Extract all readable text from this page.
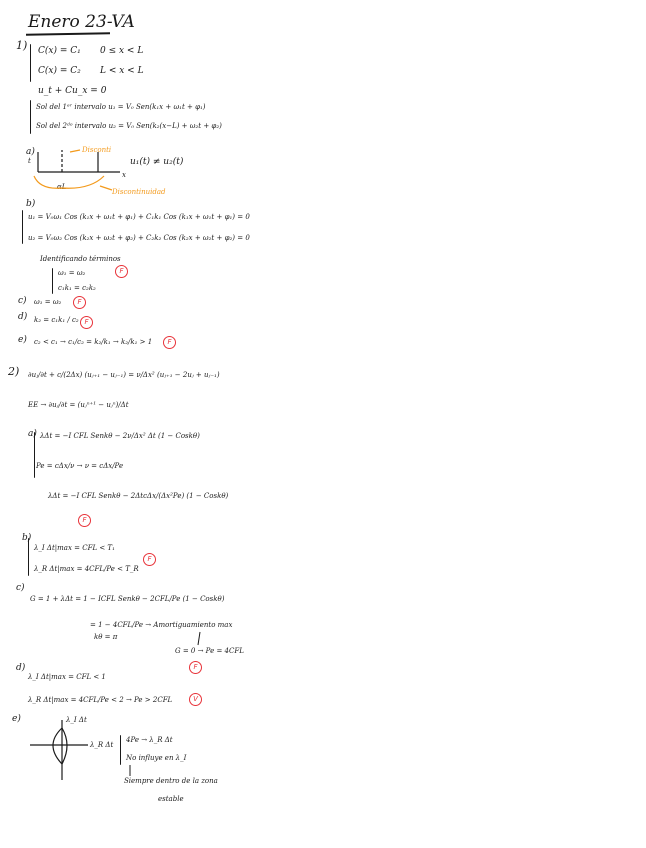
Enero 23-VA
1) C(x) = C₁ 0 ≤ x < L
C(x) = C₂ L < x < L
u_t + Cu_x = 0
Sol del 1ᵉʳ intervalo u₁ = V₀ Sen(k₁x + ω₁t + φ₁)
Sol del 2ᵈᵒ intervalo u₂ = V₀ Sen(k₂(x−L) + ω₂t + φ₂)
a)
t
x
αL
Disconti
Discontinuidad
u₁(t) ≠ u₂(t)
b)
u₁ = V₀ω₁ Cos (k₁x + ω₁t + φ₁) + C₁k₁ Cos (k₁x + ω₁t + φ₁) = 0
u₂ = V₀ω₂ Cos (k₂x + ω₂t + φ₂) + C₂k₂ Cos (k₂x + ω₂t + φ₂) = 0
Identificando términos
ω₁ = ω₂
c₁k₁ = c₂k₂
F
c) ω₁ = ω₂	F
d) k₂ = c₁k₁ / c₂ F
e) c₂ < c₁ → c₁/c₂ = k₂/k₁ → k₂/k₁ > 1	F
2) ∂uⱼ/∂t + c/(2Δx) (uⱼ₊₁ − uⱼ₋₁) = ν/Δx² (uⱼ₊₁ − 2uⱼ + uⱼ₋₁)
EE → ∂uⱼ/∂t = (uⱼⁿ⁺¹ − uⱼⁿ)/Δt
a) λΔt = −I CFL Senkθ − 2ν/Δx² Δt (1 − Coskθ)
Pe = cΔx/ν → ν = cΔx/Pe
λΔt = −I CFL Senkθ − 2ΔtcΔx/(Δx²Pe) (1 − Coskθ)
F
b)
λ_I Δt|max = CFL < T₁
λ_R Δt|max = 4CFL/Pe < T_R
F
c)
G = 1 + λΔt = 1 − ICFL Senkθ − 2CFL/Pe (1 − Coskθ)
= 1 − 4CFL/Pe → Amortiguamiento max
kθ = π
G = 0 → Pe = 4CFL
F
d)
λ_I Δt|max = CFL < 1
λ_R Δt|max = 4CFL/Pe < 2 → Pe > 2CFL	V
e)	λ_I Δt
λ_R Δt
4Pe → λ_R Δt
No influye en λ_I
Siempre dentro de la zona
estable
